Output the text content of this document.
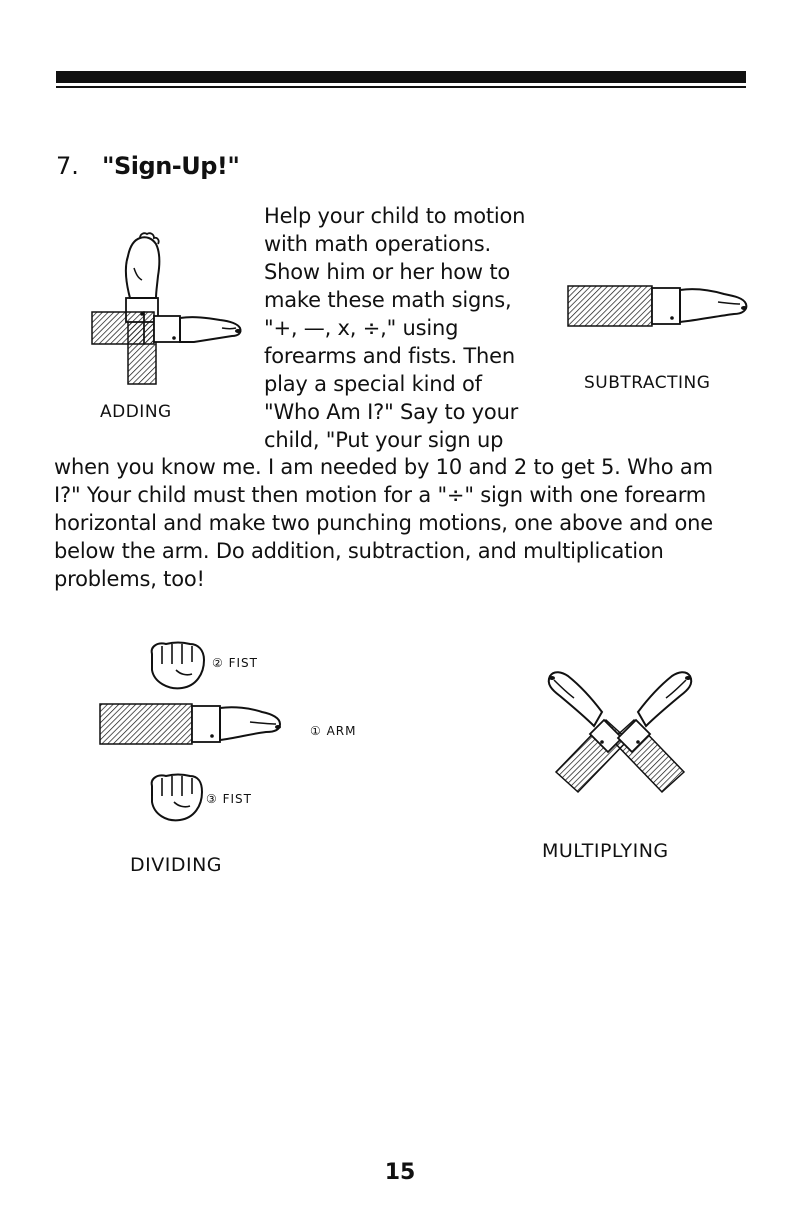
7. "Sign-Up!"
Help your child to motion
with math operations.
Show him or her how to
make these math signs,
"+, —, x, ÷," using
forearms and fists. Then
play a special kind of
"Who Am I?" Say to your
child, "Put your sign up
when you know me. I am needed by 10 and 2 to get 5. Who am
I?" Your child must then motion for a "÷" sign with one forearm
horizontal and make two punching motions, one above and one
below the arm. Do addition, subtraction, and multiplication
problems, too!
ADDING
SUBTRACTING
② FIST
① ARM
③ FIST
DIVIDING
MULTIPLYING
15
